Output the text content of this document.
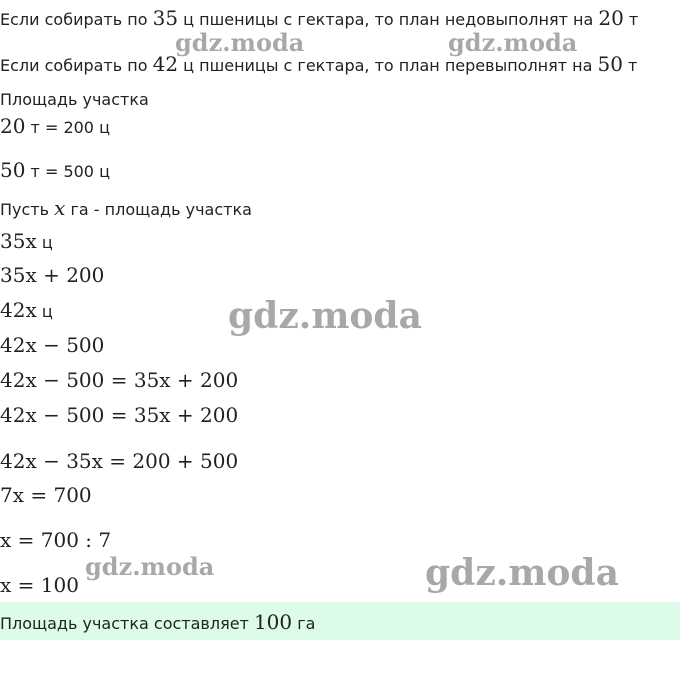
Если собирать по 35 ц пшеницы с гектара, то план недовыполнят на 20 т
Если собирать по 42 ц пшеницы с гектара, то план перевыполнят на 50 т
Площадь участка
20 т = 200 ц
50 т = 500 ц
Пусть x га - площадь участка
35x ц
35x + 200
42x ц
42x − 500
42x − 500 = 35x + 200
42x − 500 = 35x + 200
42x − 35x = 200 + 500
7x = 700
x = 700 : 7
x = 100
Площадь участка составляет 100 га
gdz.moda	gdz.moda
gdz.moda
gdz.moda	gdz.moda
